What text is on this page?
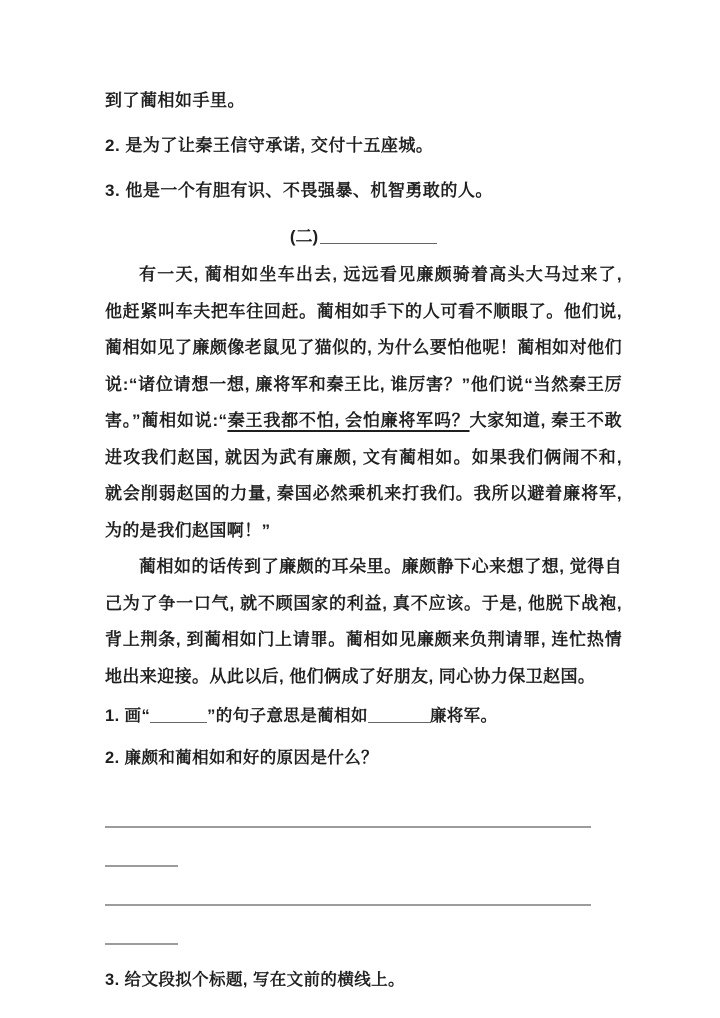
到了蔺相如手里。
2. 是为了让秦王信守承诺, 交付十五座城。
3. 他是一个有胆有识、不畏强暴、机智勇敢的人。
(二)

有一天, 蔺相如坐车出去, 远远看见廉颇骑着高头大马过来了, 他赶紧叫车夫把车往回赶。蔺相如手下的人可看不顺眼了。他们说, 蔺相如见了廉颇像老鼠见了猫似的, 为什么要怕他呢！蔺相如对他们说:“诸位请想一想, 廉将军和秦王比, 谁厉害？”他们说“当然秦王厉害。”蔺相如说:“秦王我都不怕, 会怕廉将军吗？大家知道, 秦王不敢进攻我们赵国, 就因为武有廉颇, 文有蔺相如。如果我们俩闹不和, 就会削弱赵国的力量, 秦国必然乘机来打我们。我所以避着廉将军, 为的是我们赵国啊！”

蔺相如的话传到了廉颇的耳朵里。廉颇静下心来想了想, 觉得自己为了争一口气, 就不顾国家的利益, 真不应该。于是, 他脱下战袍, 背上荆条, 到蔺相如门上请罪。蔺相如见廉颇来负荆请罪, 连忙热情地出来迎接。从此以后, 他们俩成了好朋友, 同心协力保卫赵国。

1. 画“	”的句子意思是蔺相如	廉将军。
2. 廉颇和蔺相如和好的原因是什么？
3. 给文段拟个标题, 写在文前的横线上。
